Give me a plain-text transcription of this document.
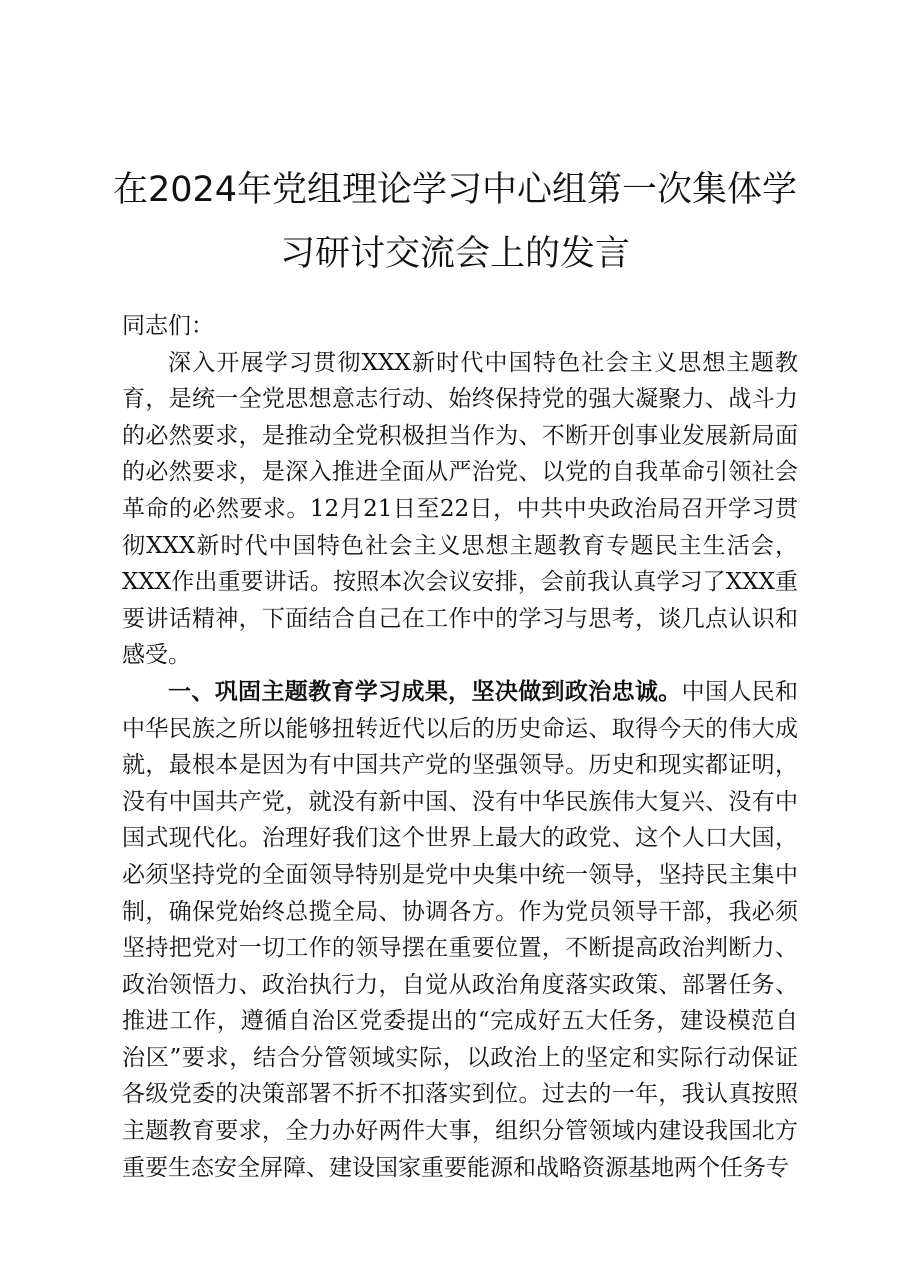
在2024年党组理论学习中心组第一次集体学习研讨交流会上的发言

同志们：

深入开展学习贯彻XXX新时代中国特色社会主义思想主题教育，是统一全党思想意志行动、始终保持党的强大凝聚力、战斗力的必然要求，是推动全党积极担当作为、不断开创事业发展新局面的必然要求，是深入推进全面从严治党、以党的自我革命引领社会革命的必然要求。12月21日至22日，中共中央政治局召开学习贯彻XXX新时代中国特色社会主义思想主题教育专题民主生活会，XXX作出重要讲话。按照本次会议安排，会前我认真学习了XXX重要讲话精神，下面结合自己在工作中的学习与思考，谈几点认识和感受。

一、巩固主题教育学习成果，坚决做到政治忠诚。中国人民和中华民族之所以能够扭转近代以后的历史命运、取得今天的伟大成就，最根本是因为有中国共产党的坚强领导。历史和现实都证明，没有中国共产党，就没有新中国、没有中华民族伟大复兴、没有中国式现代化。治理好我们这个世界上最大的政党、这个人口大国，必须坚持党的全面领导特别是党中央集中统一领导，坚持民主集中制，确保党始终总揽全局、协调各方。作为党员领导干部，我必须坚持把党对一切工作的领导摆在重要位置，不断提高政治判断力、政治领悟力、政治执行力，自觉从政治角度落实政策、部署任务、推进工作，遵循自治区党委提出的“完成好五大任务，建设模范自治区”要求，结合分管领域实际，以政治上的坚定和实际行动保证各级党委的决策部署不折不扣落实到位。过去的一年，我认真按照主题教育要求，全力办好两件大事，组织分管领域内建设我国北方重要生态安全屏障、建设国家重要能源和战略资源基地两个任务专
